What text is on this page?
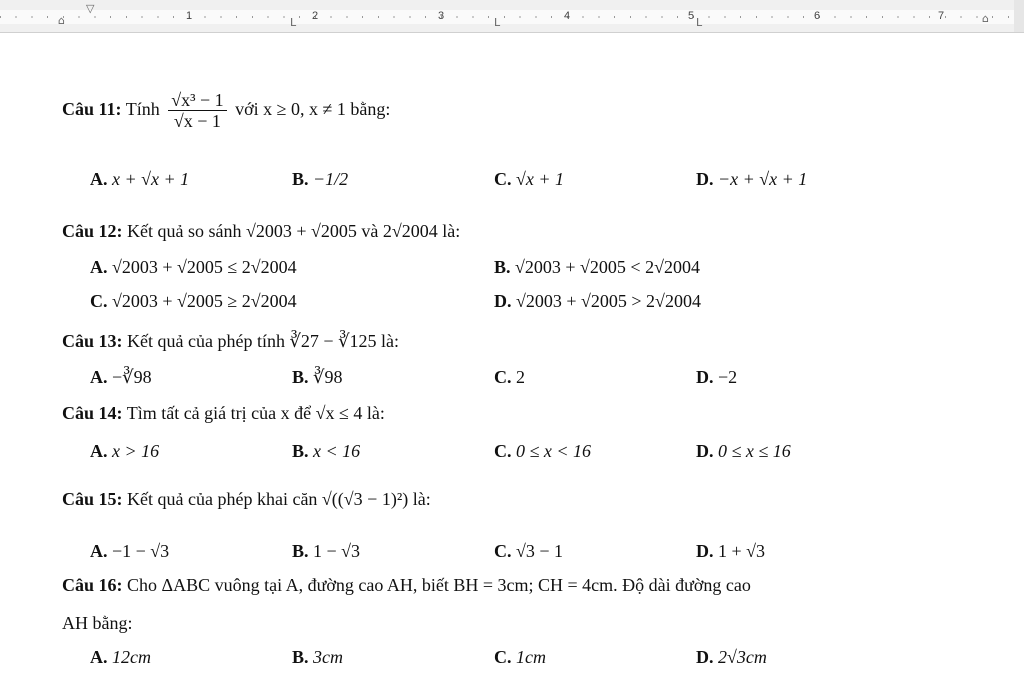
▽
⌂	1	2	3	4	5	6	7
L	L	L	⌂
Câu 11: Tính $\frac{\text{√x³ − 1}}{√x - 1}$ với x ≥ 0, x ≠ 1 bằng:
A. x + √x + 1	B. −1/2	C. √x + 1	D. −x + √x + 1
Câu 12: Kết quả so sánh √2003 + √2005 và 2√2004 là:
A. √2003 + √2005 ≤ 2√2004	B. √2003 + √2005 < 2√2004
C. √2003 + √2005 ≥ 2√2004	D. √2003 + √2005 > 2√2004
Câu 13: Kết quả của phép tính ∛27 − ∛125 là:
A. −∛98	B. ∛98	C. 2	D. −2
Câu 14: Tìm tất cả giá trị của x để √x ≤ 4 là:
A. x > 16	B. x < 16	C. 0 ≤ x < 16	D. 0 ≤ x ≤ 16
Câu 15: Kết quả của phép khai căn √((√3 − 1)²) là:
A. −1 − √3	B. 1 − √3	C. √3 − 1	D. 1 + √3
Câu 16: Cho ΔABC vuông tại A, đường cao AH, biết BH = 3cm; CH = 4cm. Độ dài đường cao
AH bằng:
A. 12cm	B. 3cm	C. 1cm	D. 2√3cm
